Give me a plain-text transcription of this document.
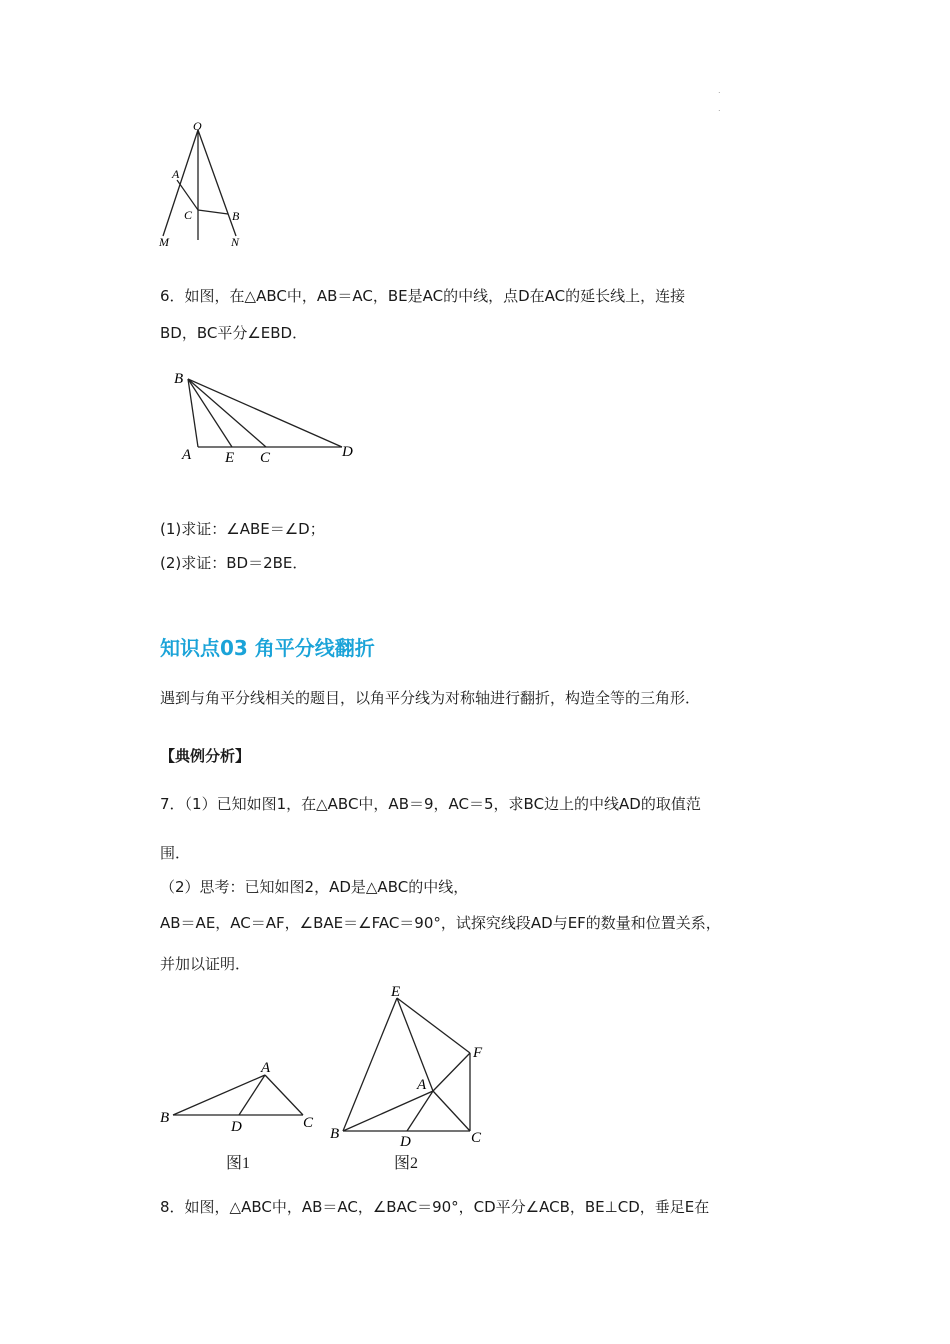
.
.
O
A
C	B
M	N
6．如图，在△ABC中，AB＝AC，BE是AC的中线，点D在AC的延长线上，连接
BD，BC平分∠EBD．
B
A E C	D
(1)求证：∠ABE＝∠D；
(2)求证：BD＝2BE．
知识点03 角平分线翻折
遇到与角平分线相关的题目，以角平分线为对称轴进行翻折，构造全等的三角形．
【典例分析】
7．（1）已知如图1，在△ABC中，AB＝9，AC＝5，求BC边上的中线AD的取值范
围．
（2）思考：已知如图2，AD是△ABC的中线，
AB＝AE，AC＝AF，∠BAE＝∠FAC＝90°，试探究线段AD与EF的数量和位置关系，
并加以证明．
A
B
D	C
图1
E
F
A
B	D	C
图2
8．如图，△ABC中，AB＝AC，∠BAC＝90°，CD平分∠ACB，BE⊥CD，垂足E在
